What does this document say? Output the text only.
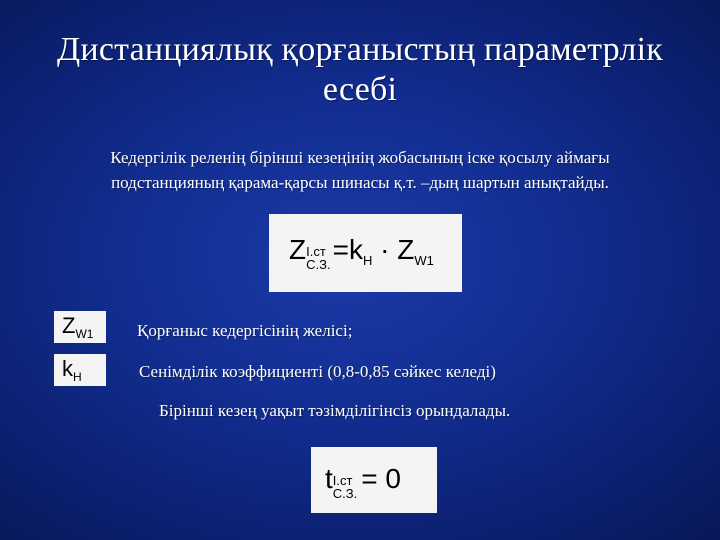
Дистанциялық қорғаныстың параметрлік
есебі
Кедергілік реленің бірінші кезеңінің жобасының іске қосылу аймағы
подстанцияның қарама-қарсы шинасы қ.т. –дың шартын анықтайды.
Z I.ст
С.З. $=k_Н \cdot Z_{W1}$
$Z_{W1}$	Қорғаныс кедергісінің желісі;
$k_Н$	Сенімділік коэффициенті (0,8-0,85 сәйкес келеді)
Бірінші кезең уақыт тәзімділігінсіз орындалады.
t I.ст
С.З. = 0
